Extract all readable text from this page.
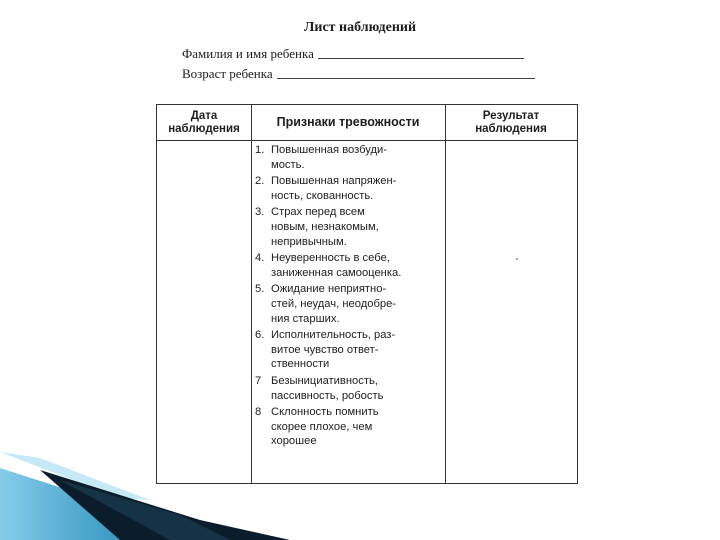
Лист наблюдений
Фамилия и имя ребенка
Возраст ребенка
Дата
наблюдения	Признаки тревожности	Результат
наблюдения
1. Повышенная возбуди-
мость.
2. Повышенная напряжен-
ность, скованность.
3. Страх перед всем
новым, незнакомым,
непривычным.
4. Неуверенность в себе,
заниженная самооценка.
5. Ожидание неприятно-
стей, неудач, неодобре-
ния старших.
6. Исполнительность, раз-
витое чувство ответ-
ственности
7 Безынициативность,
пассивность, робость
8 Склонность помнить
скорее плохое, чем
хорошее
